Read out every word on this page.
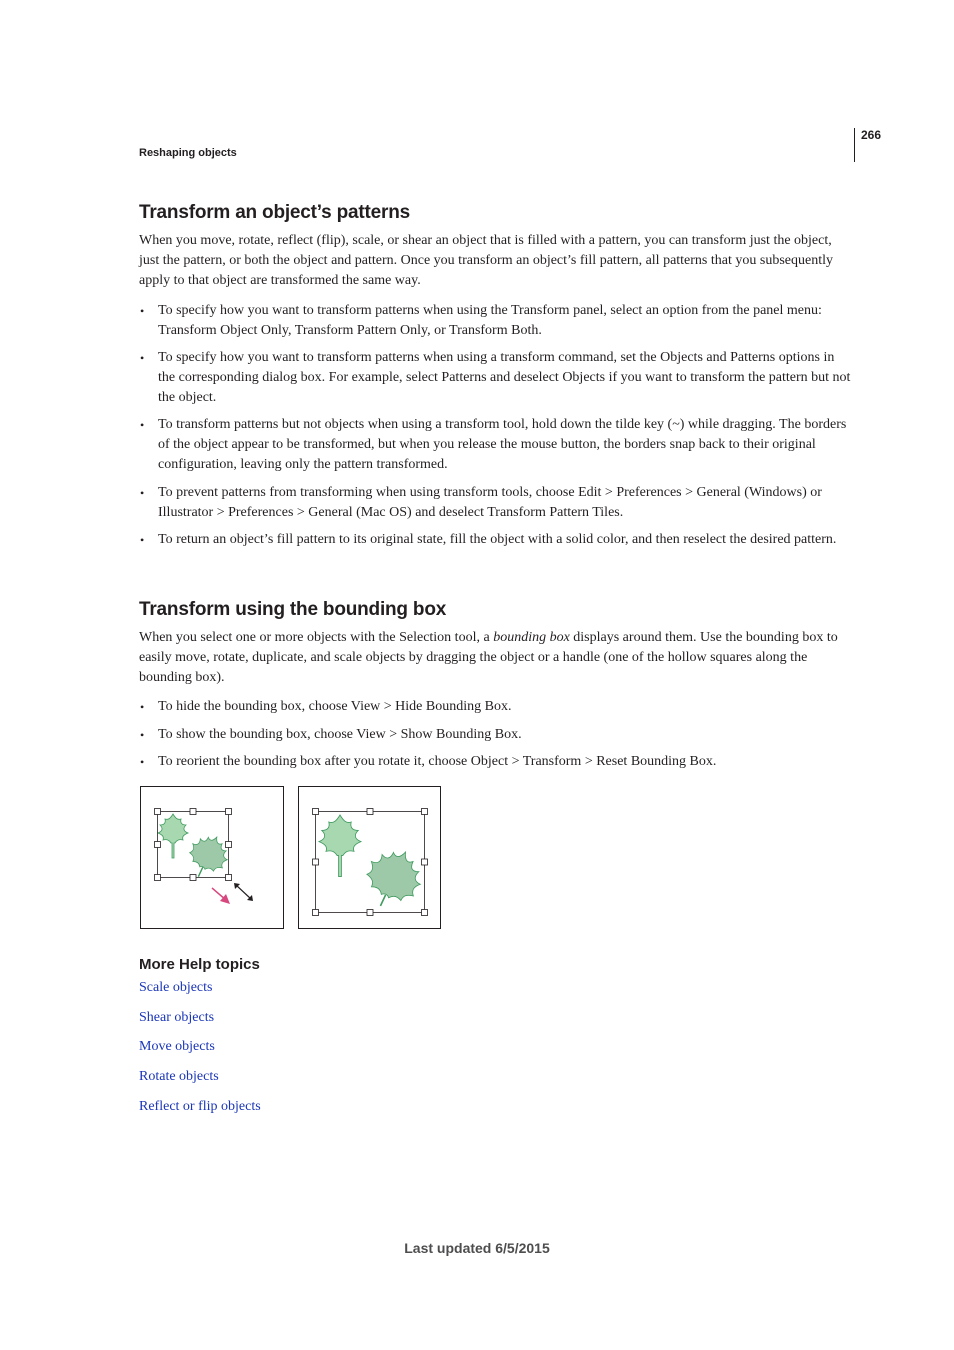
266
Reshaping objects
Transform an object’s patterns

When you move, rotate, reflect (flip), scale, or shear an object that is filled with a pattern, you can transform just the object, just the pattern, or both the object and pattern. Once you transform an object’s fill pattern, all patterns that you subsequently apply to that object are transformed the same way.

• To specify how you want to transform patterns when using the Transform panel, select an option from the panel menu: Transform Object Only, Transform Pattern Only, or Transform Both.
• To specify how you want to transform patterns when using a transform command, set the Objects and Patterns options in the corresponding dialog box. For example, select Patterns and deselect Objects if you want to transform the pattern but not the object.
• To transform patterns but not objects when using a transform tool, hold down the tilde key (~) while dragging. The borders of the object appear to be transformed, but when you release the mouse button, the borders snap back to their original configuration, leaving only the pattern transformed.
• To prevent patterns from transforming when using transform tools, choose Edit > Preferences > General (Windows) or Illustrator > Preferences > General (Mac OS) and deselect Transform Pattern Tiles.
• To return an object’s fill pattern to its original state, fill the object with a solid color, and then reselect the desired pattern.
Transform using the bounding box

When you select one or more objects with the Selection tool, a bounding box displays around them. Use the bounding box to easily move, rotate, duplicate, and scale objects by dragging the object or a handle (one of the hollow squares along the bounding box).

• To hide the bounding box, choose View > Hide Bounding Box.
• To show the bounding box, choose View > Show Bounding Box.
• To reorient the bounding box after you rotate it, choose Object > Transform > Reset Bounding Box.
More Help topics
Scale objects
Shear objects
Move objects
Rotate objects
Reflect or flip objects
Last updated 6/5/2015
